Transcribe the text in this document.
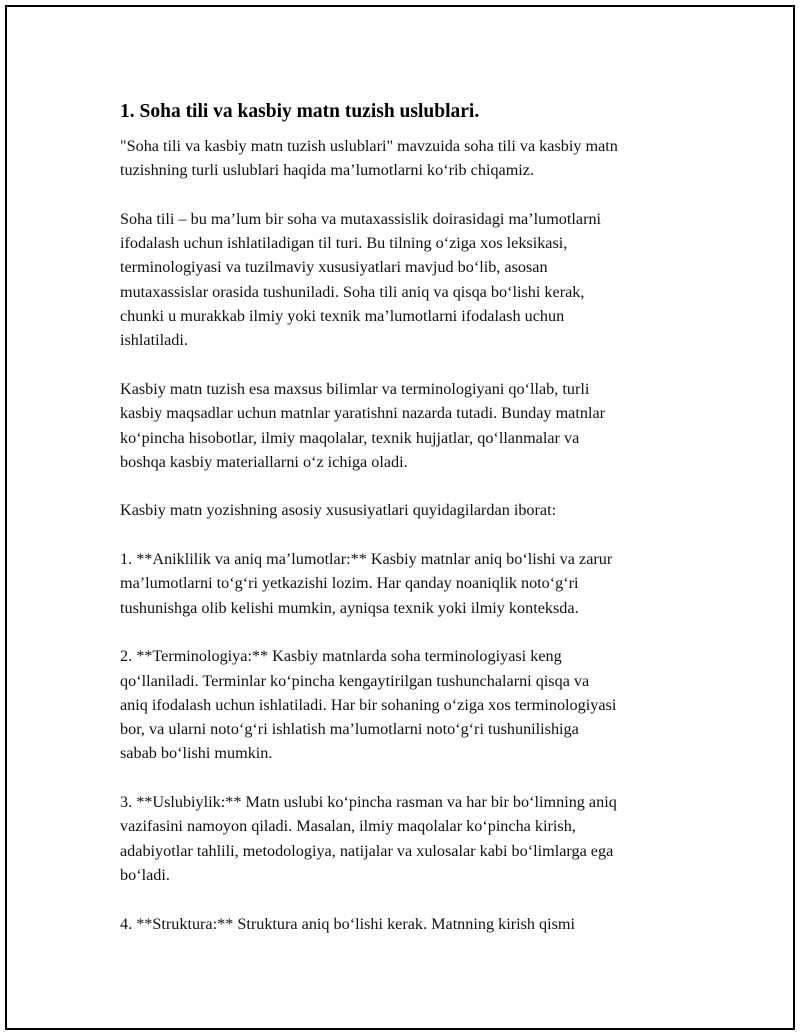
1. Soha tili va kasbiy matn tuzish uslublari.

"Soha tili va kasbiy matn tuzish uslublari" mavzuida soha tili va kasbiy matn
tuzishning turli uslublari haqida ma’lumotlarni koʻrib chiqamiz.

Soha tili – bu ma’lum bir soha va mutaxassislik doirasidagi ma’lumotlarni
ifodalash uchun ishlatiladigan til turi. Bu tilning oʻziga xos leksikasi,
terminologiyasi va tuzilmaviy xususiyatlari mavjud boʻlib, asosan
mutaxassislar orasida tushuniladi. Soha tili aniq va qisqa boʻlishi kerak,
chunki u murakkab ilmiy yoki texnik ma’lumotlarni ifodalash uchun
ishlatiladi.

Kasbiy matn tuzish esa maxsus bilimlar va terminologiyani qoʻllab, turli
kasbiy maqsadlar uchun matnlar yaratishni nazarda tutadi. Bunday matnlar
koʻpincha hisobotlar, ilmiy maqolalar, texnik hujjatlar, qoʻllanmalar va
boshqa kasbiy materiallarni oʻz ichiga oladi.

Kasbiy matn yozishning asosiy xususiyatlari quyidagilardan iborat:

1. **Aniklilik va aniq ma’lumotlar:** Kasbiy matnlar aniq boʻlishi va zarur
ma’lumotlarni toʻgʻri yetkazishi lozim. Har qanday noaniqlik notoʻgʻri
tushunishga olib kelishi mumkin, ayniqsa texnik yoki ilmiy konteksda.

2. **Terminologiya:** Kasbiy matnlarda soha terminologiyasi keng
qoʻllaniladi. Terminlar koʻpincha kengaytirilgan tushunchalarni qisqa va
aniq ifodalash uchun ishlatiladi. Har bir sohaning oʻziga xos terminologiyasi
bor, va ularni notoʻgʻri ishlatish ma’lumotlarni notoʻgʻri tushunilishiga
sabab boʻlishi mumkin.

3. **Uslubiylik:** Matn uslubi koʻpincha rasman va har bir boʻlimning aniq
vazifasini namoyon qiladi. Masalan, ilmiy maqolalar koʻpincha kirish,
adabiyotlar tahlili, metodologiya, natijalar va xulosalar kabi boʻlimlarga ega
boʻladi.

4. **Struktura:** Struktura aniq boʻlishi kerak. Matnning kirish qismi
